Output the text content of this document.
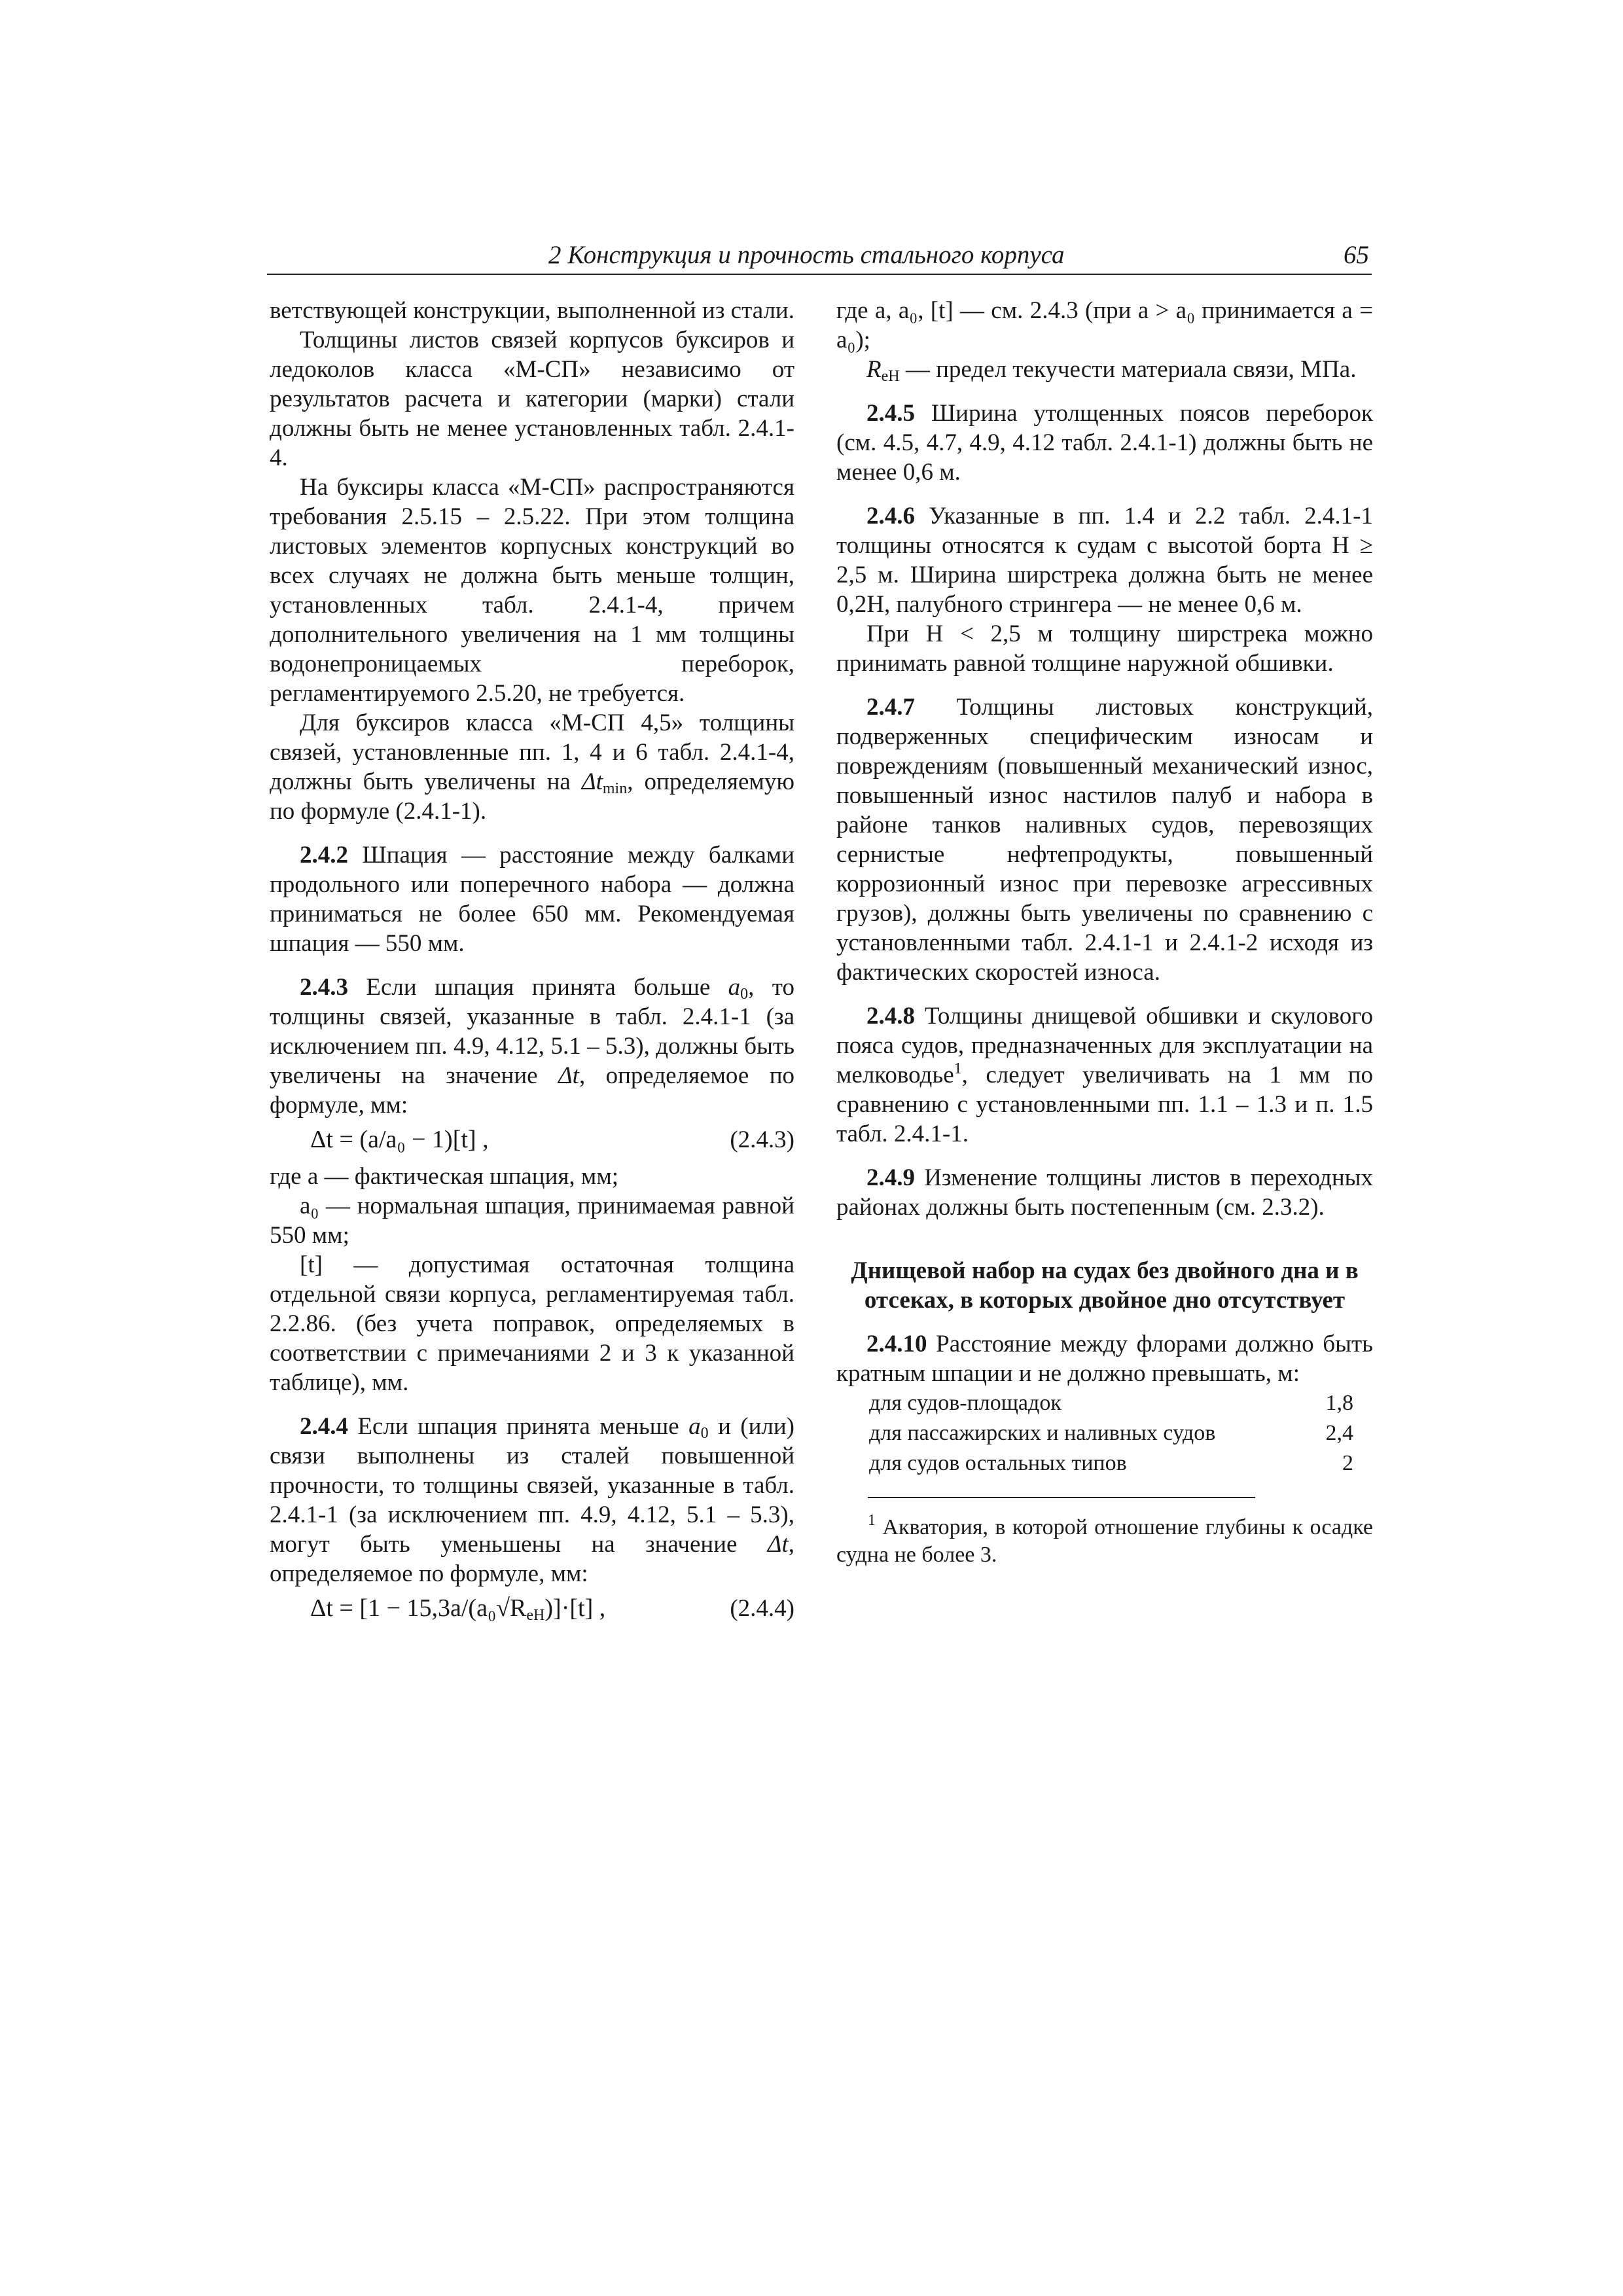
2 Конструкция и прочность стального корпуса	65

ветствующей конструкции, выполненной из стали.

Толщины листов связей корпусов буксиров и ледоколов класса «М-СП» независимо от результатов расчета и категории (марки) стали должны быть не менее установленных табл. 2.4.1-4.

На буксиры класса «М-СП» распространяются требования 2.5.15 – 2.5.22. При этом толщина листовых элементов корпусных конструкций во всех случаях не должна быть меньше толщин, установленных табл. 2.4.1-4, причем дополнительного увеличения на 1 мм толщины водонепроницаемых переборок, регламентируемого 2.5.20, не требуется.

Для буксиров класса «М-СП 4,5» толщины связей, установленные пп. 1, 4 и 6 табл. 2.4.1-4, должны быть увеличены на $\Delta t_{min}$, определяемую по формуле (2.4.1-1).

2.4.2 Шпация — расстояние между балками продольного или поперечного набора — должна приниматься не более 650 мм. Рекомендуемая шпация — 550 мм.

2.4.3 Если шпация принята больше $a_0$, то толщины связей, указанные в табл. 2.4.1-1 (за исключением пп. 4.9, 4.12, 5.1 – 5.3), должны быть увеличены на значение Δt, определяемое по формуле, мм:

Δt = (a/a₀ − 1)[t] ,	(2.4.3)

где a — фактическая шпация, мм;

a₀ — нормальная шпация, принимаемая равной 550 мм;

[t] — допустимая остаточная толщина отдельной связи корпуса, регламентируемая табл. 2.2.86. (без учета поправок, определяемых в соответствии с примечаниями 2 и 3 к указанной таблице), мм.

2.4.4 Если шпация принята меньше $a_0$ и (или) связи выполнены из сталей повышенной прочности, то толщины связей, указанные в табл. 2.4.1-1 (за исключением пп. 4.9, 4.12, 5.1 – 5.3), могут быть уменьшены на значение Δt, определяемое по формуле, мм:

$\Delta t = [1 - 15,3a/(a_0√R_{eH})]\cdot[t]$ ,	(2.4.4)

где a, a₀, [t] — см. 2.4.3 (при a > a₀ принимается a = a₀);

$R_{eH}$ — предел текучести материала связи, МПа.

2.4.5 Ширина утолщенных поясов переборок (см. 4.5, 4.7, 4.9, 4.12 табл. 2.4.1-1) должны быть не менее 0,6 м.

2.4.6 Указанные в пп. 1.4 и 2.2 табл. 2.4.1-1 толщины относятся к судам с высотой борта H ≥ 2,5 м. Ширина ширстрека должна быть не менее 0,2H, палубного стрингера — не менее 0,6 м.

При H < 2,5 м толщину ширстрека можно принимать равной толщине наружной обшивки.

2.4.7 Толщины листовых конструкций, подверженных специфическим износам и повреждениям (повышенный механический износ, повышенный износ настилов палуб и набора в районе танков наливных судов, перевозящих сернистые нефтепродукты, повышенный коррозионный износ при перевозке агрессивных грузов), должны быть увеличены по сравнению с установленными табл. 2.4.1-1 и 2.4.1-2 исходя из фактических скоростей износа.

2.4.8 Толщины днищевой обшивки и скулового пояса судов, предназначенных для эксплуатации на мелководье$^1$, следует увеличивать на 1 мм по сравнению с установленными пп. 1.1 – 1.3 и п. 1.5 табл. 2.4.1-1.

2.4.9 Изменение толщины листов в переходных районах должны быть постепенным (см. 2.3.2).

Днищевой набор на судах без двойного дна и в отсеках, в которых двойное дно отсутствует

2.4.10 Расстояние между флорами должно быть кратным шпации и не должно превышать, м:

для судов-площадок	1,8
для пассажирских и наливных судов	2,4
для судов остальных типов	2

$^1$ Акватория, в которой отношение глубины к осадке судна не более 3.
